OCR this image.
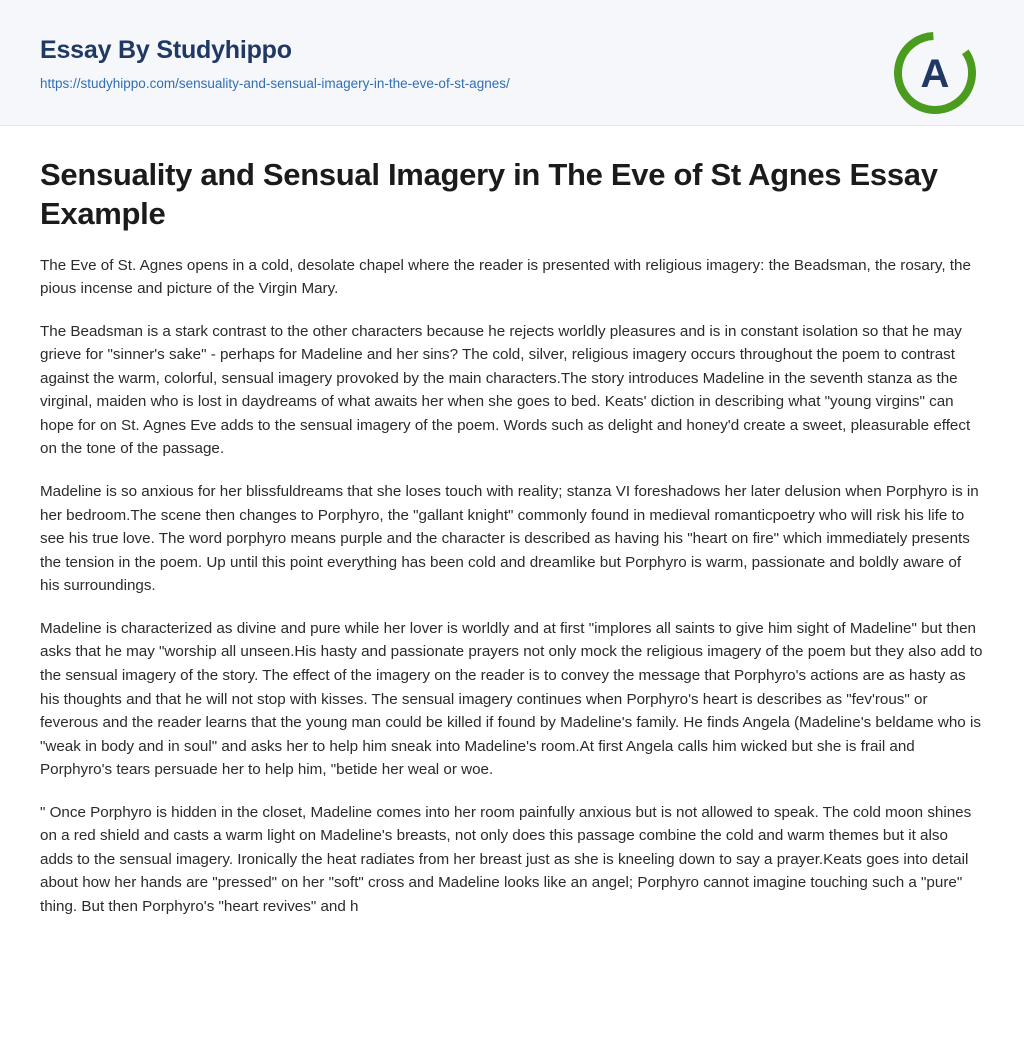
Essay By Studyhippo
https://studyhippo.com/sensuality-and-sensual-imagery-in-the-eve-of-st-agnes/	A
Sensuality and Sensual Imagery in The Eve of St Agnes Essay Example

The Eve of St. Agnes opens in a cold, desolate chapel where the reader is presented with religious imagery: the Beadsman, the rosary, the pious incense and picture of the Virgin Mary.

The Beadsman is a stark contrast to the other characters because he rejects worldly pleasures and is in constant isolation so that he may grieve for "sinner's sake" - perhaps for Madeline and her sins? The cold, silver, religious imagery occurs throughout the poem to contrast against the warm, colorful, sensual imagery provoked by the main characters.The story introduces Madeline in the seventh stanza as the virginal, maiden who is lost in daydreams of what awaits her when she goes to bed. Keats' diction in describing what "young virgins" can hope for on St. Agnes Eve adds to the sensual imagery of the poem. Words such as delight and honey'd create a sweet, pleasurable effect on the tone of the passage.

Madeline is so anxious for her blissfuldreams that she loses touch with reality; stanza VI foreshadows her later delusion when Porphyro is in her bedroom.The scene then changes to Porphyro, the "gallant knight" commonly found in medieval romanticpoetry who will risk his life to see his true love. The word porphyro means purple and the character is described as having his "heart on fire" which immediately presents the tension in the poem. Up until this point everything has been cold and dreamlike but Porphyro is warm, passionate and boldly aware of his surroundings.

Madeline is characterized as divine and pure while her lover is worldly and at first "implores all saints to give him sight of Madeline" but then asks that he may "worship all unseen.His hasty and passionate prayers not only mock the religious imagery of the poem but they also add to the sensual imagery of the story. The effect of the imagery on the reader is to convey the message that Porphyro's actions are as hasty as his thoughts and that he will not stop with kisses. The sensual imagery continues when Porphyro's heart is describes as "fev'rous" or feverous and the reader learns that the young man could be killed if found by Madeline's family. He finds Angela (Madeline's beldame who is "weak in body and in soul" and asks her to help him sneak into Madeline's room.At first Angela calls him wicked but she is frail and Porphyro's tears persuade her to help him, "betide her weal or woe.

" Once Porphyro is hidden in the closet, Madeline comes into her room painfully anxious but is not allowed to speak. The cold moon shines on a red shield and casts a warm light on Madeline's breasts, not only does this passage combine the cold and warm themes but it also adds to the sensual imagery. Ironically the heat radiates from her breast just as she is kneeling down to say a prayer.Keats goes into detail about how her hands are "pressed" on her "soft" cross and Madeline looks like an angel; Porphyro cannot imagine touching such a "pure" thing. But then Porphyro's "heart revives" and h
